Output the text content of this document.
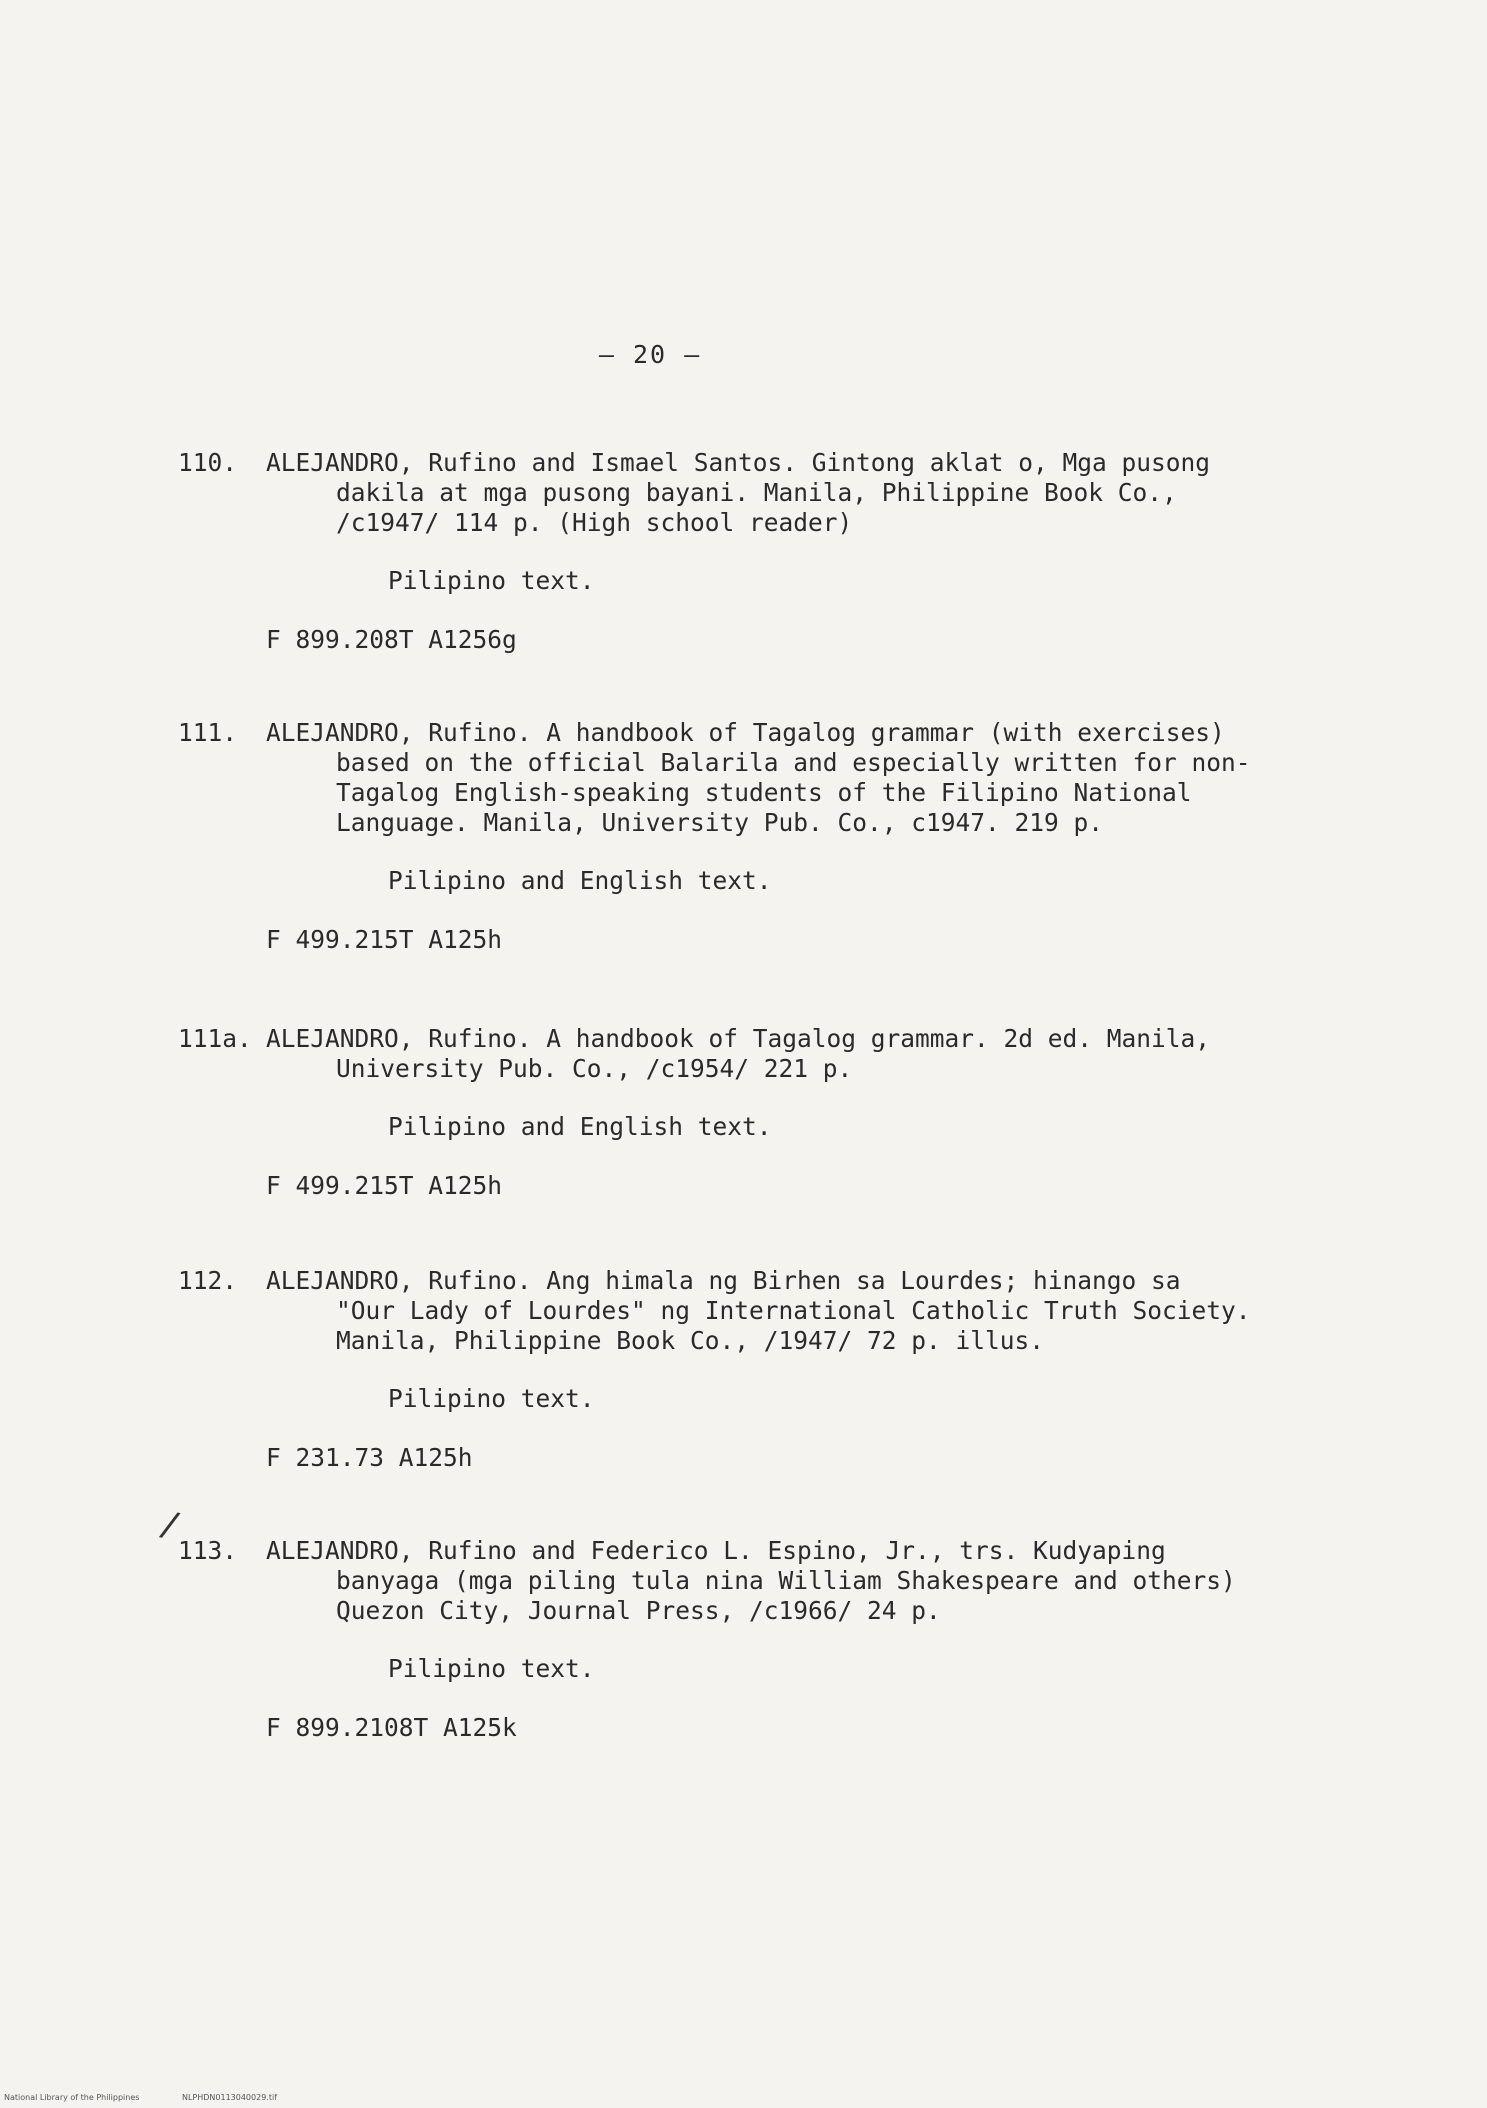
– 20 –
110.	ALEJANDRO, Rufino and Ismael Santos. Gintong aklat o, Mga pusong
dakila at mga pusong bayani. Manila, Philippine Book Co.,
/c1947/ 114 p. (High school reader)
Pilipino text.
F 899.208T A1256g
111.	ALEJANDRO, Rufino. A handbook of Tagalog grammar (with exercises)
based on the official Balarila and especially written for non-
Tagalog English-speaking students of the Filipino National
Language. Manila, University Pub. Co., c1947. 219 p.
Pilipino and English text.
F 499.215T A125h
111a. ALEJANDRO, Rufino. A handbook of Tagalog grammar. 2d ed. Manila,
University Pub. Co., /c1954/ 221 p.
Pilipino and English text.
F 499.215T A125h
112.	ALEJANDRO, Rufino. Ang himala ng Birhen sa Lourdes; hinango sa
"Our Lady of Lourdes" ng International Catholic Truth Society.
Manila, Philippine Book Co., /1947/ 72 p. illus.
Pilipino text.
F 231.73 A125h
113.	ALEJANDRO, Rufino and Federico L. Espino, Jr., trs. Kudyaping
banyaga (mga piling tula nina William Shakespeare and others)
Quezon City, Journal Press, /c1966/ 24 p.
Pilipino text.
F 899.2108T A125k
/
National Library of the Philippines	NLPHDN0113040029.tif
